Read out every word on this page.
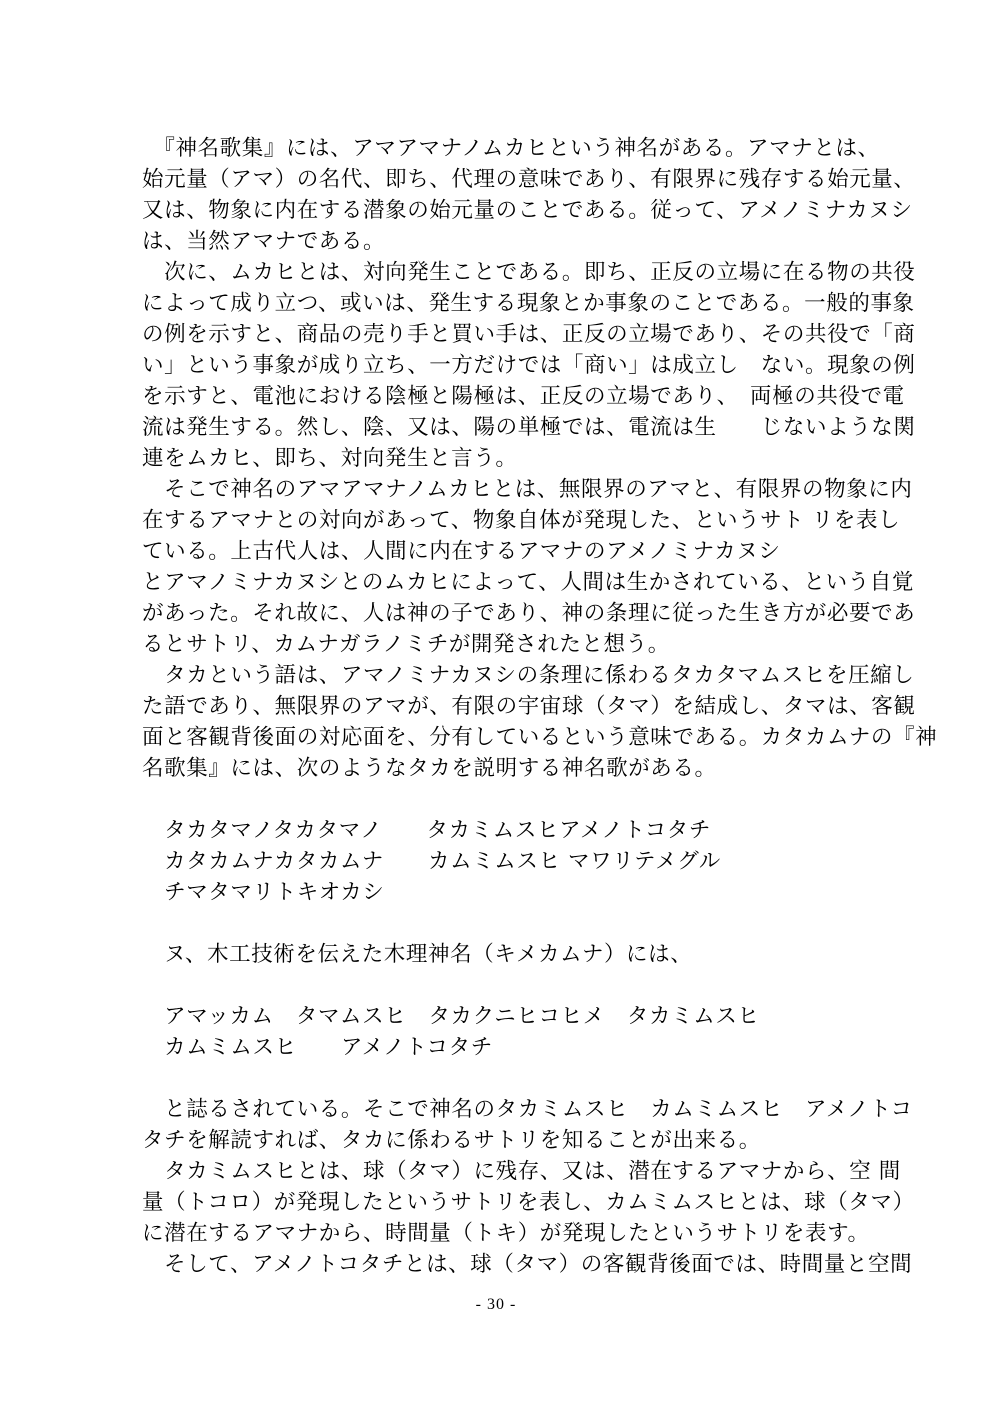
　『神名歌集』には、アマアマナノムカヒという神名がある。アマナとは、
始元量（アマ）の名代、即ち、代理の意味であり、有限界に残存する始元量、
又は、物象に内在する潜象の始元量のことである。従って、アメノミナカヌシ
は、当然アマナである。
　次に、ムカヒとは、対向発生ことである。即ち、正反の立場に在る物の共役
によって成り立つ、或いは、発生する現象とか事象のことである。一般的事象
の例を示すと、商品の売り手と買い手は、正反の立場であり、その共役で「商
い」という事象が成り立ち、一方だけでは「商い」は成立し　ない。現象の例
を示すと、電池における陰極と陽極は、正反の立場であり、　両極の共役で電
流は発生する。然し、陰、又は、陽の単極では、電流は生　　じないような関
連をムカヒ、即ち、対向発生と言う。
　そこで神名のアマアマナノムカヒとは、無限界のアマと、有限界の物象に内
在するアマナとの対向があって、物象自体が発現した、というサト リを表し
ている。上古代人は、人間に内在するアマナのアメノミナカヌシ
とアマノミナカヌシとのムカヒによって、人間は生かされている、という自覚
があった。それ故に、人は神の子であり、神の条理に従った生き方が必要であ
るとサトリ、カムナガラノミチが開発されたと想う。
　タカという語は、アマノミナカヌシの条理に係わるタカタマムスヒを圧縮し
た語であり、無限界のアマが、有限の宇宙球（タマ）を結成し、タマは、客観
面と客観背後面の対応面を、分有しているという意味である。カタカムナの『神
名歌集』には、次のようなタカを説明する神名歌がある。
　タカタマノタカタマノ　　タカミムスヒアメノトコタチ
　カタカムナカタカムナ　　カムミムスヒ マワリテメグル
　チマタマリトキオカシ
　ヌ、木工技術を伝えた木理神名（キメカムナ）には、
　アマッカム　タマムスヒ　タカクニヒコヒメ　タカミムスヒ
　カムミムスヒ　　アメノトコタチ
　と誌るされている。そこで神名のタカミムスヒ　カムミムスヒ　アメノトコ
タチを解読すれば、タカに係わるサトリを知ることが出来る。
　タカミムスヒとは、球（タマ）に残存、又は、潜在するアマナから、空 間
量（トコロ）が発現したというサトリを表し、カムミムスヒとは、球（タマ）
に潜在するアマナから、時間量（トキ）が発現したというサトリを表す。
　そして、アメノトコタチとは、球（タマ）の客観背後面では、時間量と空間
- 30 -
